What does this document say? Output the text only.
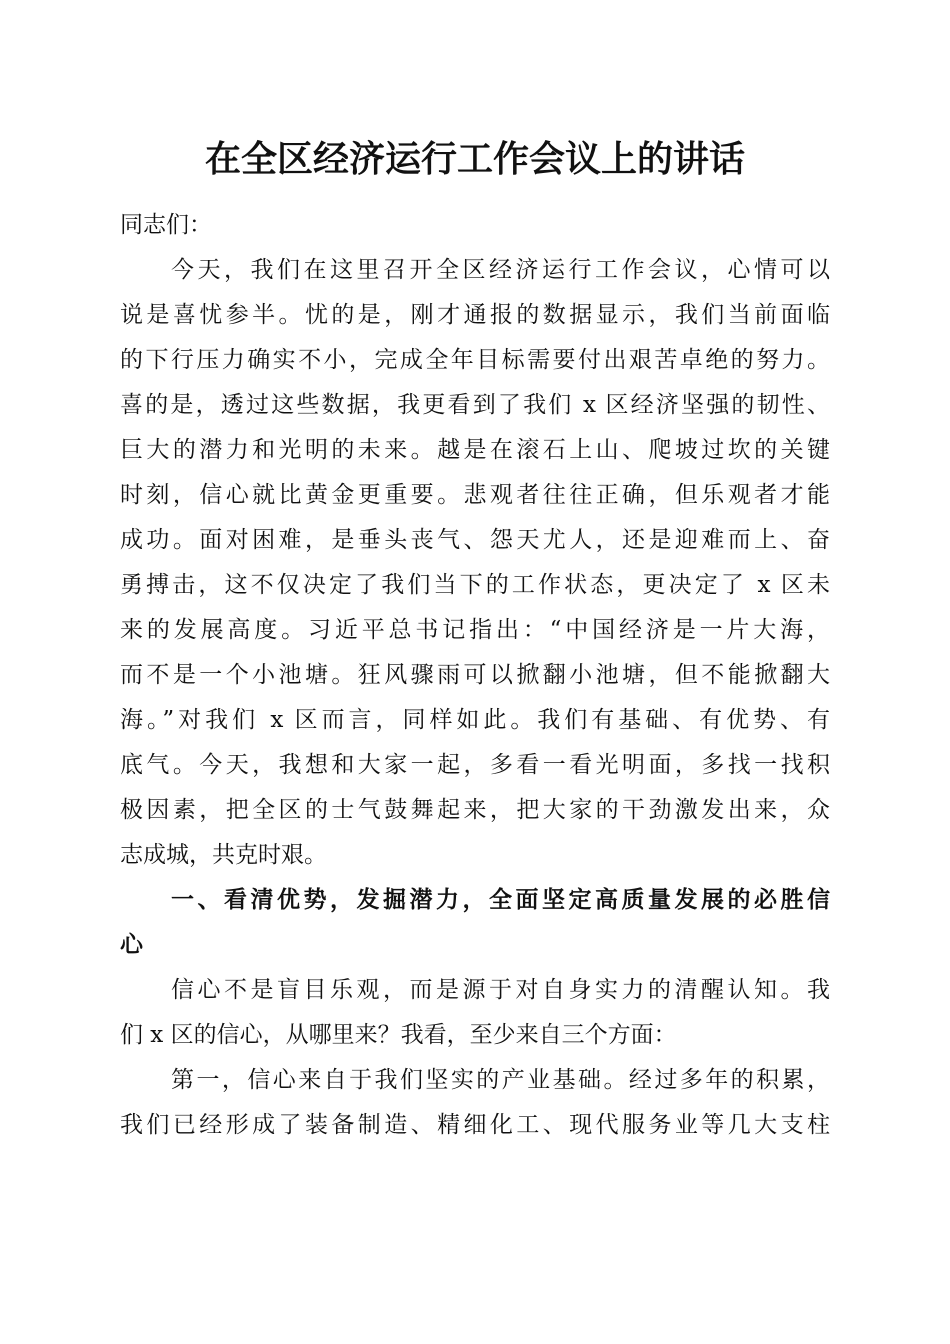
在全区经济运行工作会议上的讲话
同志们：
今天，我们在这里召开全区经济运行工作会议，心情可以
说是喜忧参半。忧的是，刚才通报的数据显示，我们当前面临
的下行压力确实不小，完成全年目标需要付出艰苦卓绝的努力。
喜的是，透过这些数据，我更看到了我们 x 区经济坚强的韧性、
巨大的潜力和光明的未来。越是在滚石上山、爬坡过坎的关键
时刻，信心就比黄金更重要。悲观者往往正确，但乐观者才能
成功。面对困难，是垂头丧气、怨天尤人，还是迎难而上、奋
勇搏击，这不仅决定了我们当下的工作状态，更决定了 x 区未
来的发展高度。习近平总书记指出：“中国经济是一片大海，
而不是一个小池塘。狂风骤雨可以掀翻小池塘，但不能掀翻大
海。”对我们 x 区而言，同样如此。我们有基础、有优势、有
底气。今天，我想和大家一起，多看一看光明面，多找一找积
极因素，把全区的士气鼓舞起来，把大家的干劲激发出来，众
志成城，共克时艰。
一、看清优势，发掘潜力，全面坚定高质量发展的必胜信
心
信心不是盲目乐观，而是源于对自身实力的清醒认知。我
们 x 区的信心，从哪里来？我看，至少来自三个方面：
第一，信心来自于我们坚实的产业基础。经过多年的积累，
我们已经形成了装备制造、精细化工、现代服务业等几大支柱
